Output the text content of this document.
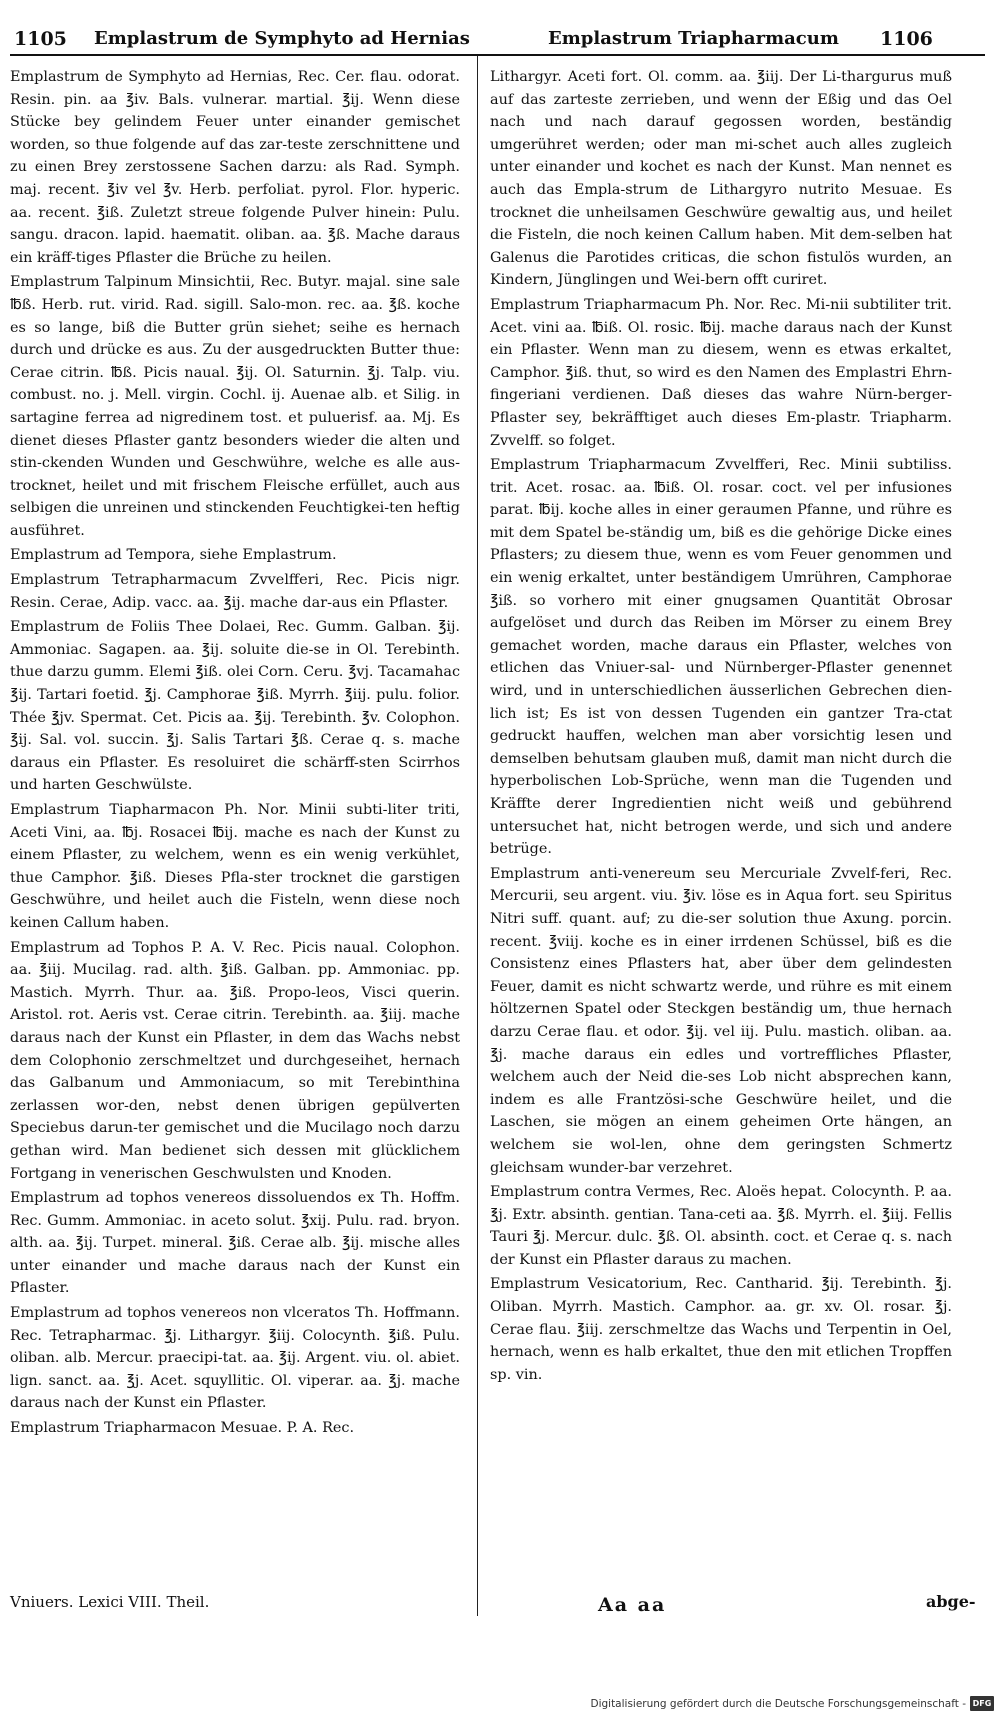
1105 Emplastrum de Symphyto ad Hernias	Emplastrum Triapharmacum 1106

Emplastrum de Symphyto ad Hernias, Rec. Cer. flau. odorat. Resin. pin. aa ℥iv. Bals. vulnerar. martial. ℥ij. Wenn diese Stücke bey gelindem Feuer unter einander gemischet worden, so thue folgende auf das zar-teste zerschnittene und zu einen Brey zerstossene Sachen darzu: als Rad. Symph. maj. recent. ℥iv vel ℥v. Herb. perfoliat. pyrol. Flor. hyperic. aa. recent. ℥iß. Zuletzt streue folgende Pulver hinein: Pulu. sangu. dracon. lapid. haematit. oliban. aa. ℥ß. Mache daraus ein kräff-tiges Pflaster die Brüche zu heilen.

Emplastrum Talpinum Minsichtii, Rec. Butyr. majal. sine sale ℔ß. Herb. rut. virid. Rad. sigill. Salo-mon. rec. aa. ℥ß. koche es so lange, biß die Butter grün siehet; seihe es hernach durch und drücke es aus. Zu der ausgedruckten Butter thue: Cerae citrin. ℔ß. Picis naual. ℥ij. Ol. Saturnin. ℥j. Talp. viu. combust. no. j. Mell. virgin. Cochl. ij. Auenae alb. et Silig. in sartagine ferrea ad nigredinem tost. et puluerisf. aa. Mj. Es dienet dieses Pflaster gantz besonders wieder die alten und stin-ckenden Wunden und Geschwühre, welche es alle aus-trocknet, heilet und mit frischem Fleische erfüllet, auch aus selbigen die unreinen und stinckenden Feuchtigkei-ten heftig ausführet.

Emplastrum ad Tempora, siehe Emplastrum.

Emplastrum Tetrapharmacum Zvvelfferi, Rec. Picis nigr. Resin. Cerae, Adip. vacc. aa. ℥ij. mache dar-aus ein Pflaster.

Emplastrum de Foliis Thee Dolaei, Rec. Gumm. Galban. ℥ij. Ammoniac. Sagapen. aa. ℥ij. soluite die-se in Ol. Terebinth. thue darzu gumm. Elemi ℥iß. olei Corn. Ceru. ℥vj. Tacamahac ℥ij. Tartari foetid. ℥j. Camphorae ℥iß. Myrrh. ℥iij. pulu. folior. Thée ℥jv. Spermat. Cet. Picis aa. ℥ij. Terebinth. ℥v. Colophon. ℥ij. Sal. vol. succin. ℥j. Salis Tartari ℥ß. Cerae q. s. mache daraus ein Pflaster. Es resoluiret die schärff-sten Scirrhos und harten Geschwülste.

Emplastrum Tiapharmacon Ph. Nor. Minii subti-liter triti, Aceti Vini, aa. ℔j. Rosacei ℔ij. mache es nach der Kunst zu einem Pflaster, zu welchem, wenn es ein wenig verkühlet, thue Camphor. ℥iß. Dieses Pfla-ster trocknet die garstigen Geschwühre, und heilet auch die Fisteln, wenn diese noch keinen Callum haben.

Emplastrum ad Tophos P. A. V. Rec. Picis naual. Colophon. aa. ℥iij. Mucilag. rad. alth. ℥iß. Galban. pp. Ammoniac. pp. Mastich. Myrrh. Thur. aa. ℥iß. Propo-leos, Visci querin. Aristol. rot. Aeris vst. Cerae citrin. Terebinth. aa. ℥iij. mache daraus nach der Kunst ein Pflaster, in dem das Wachs nebst dem Colophonio zerschmeltzet und durchgeseihet, hernach das Galbanum und Ammoniacum, so mit Terebinthina zerlassen wor-den, nebst denen übrigen gepülverten Speciebus darun-ter gemischet und die Mucilago noch darzu gethan wird. Man bedienet sich dessen mit glücklichem Fortgang in venerischen Geschwulsten und Knoden.

Emplastrum ad tophos venereos dissoluendos ex Th. Hoffm. Rec. Gumm. Ammoniac. in aceto solut. ℥xij. Pulu. rad. bryon. alth. aa. ℥ij. Turpet. mineral. ℥iß. Cerae alb. ℥ij. mische alles unter einander und mache daraus nach der Kunst ein Pflaster.

Emplastrum ad tophos venereos non vlceratos Th. Hoffmann. Rec. Tetrapharmac. ℥j. Lithargyr. ℥iij. Colocynth. ℥iß. Pulu. oliban. alb. Mercur. praecipi-tat. aa. ℥ij. Argent. viu. ol. abiet. lign. sanct. aa. ℥j. Acet. squyllitic. Ol. viperar. aa. ℥j. mache daraus nach der Kunst ein Pflaster.

Emplastrum Triapharmacon Mesuae. P. A. Rec.

Lithargyr. Aceti fort. Ol. comm. aa. ℥iij. Der Li-thargurus muß auf das zarteste zerrieben, und wenn der Eßig und das Oel nach und nach darauf gegossen worden, beständig umgerühret werden; oder man mi-schet auch alles zugleich unter einander und kochet es nach der Kunst. Man nennet es auch das Empla-strum de Lithargyro nutrito Mesuae. Es trocknet die unheilsamen Geschwüre gewaltig aus, und heilet die Fisteln, die noch keinen Callum haben. Mit dem-selben hat Galenus die Parotides criticas, die schon fistulös wurden, an Kindern, Jünglingen und Wei-bern offt curiret.

Emplastrum Triapharmacum Ph. Nor. Rec. Mi-nii subtiliter trit. Acet. vini aa. ℔iß. Ol. rosic. ℔ij. mache daraus nach der Kunst ein Pflaster. Wenn man zu diesem, wenn es etwas erkaltet, Camphor. ℥iß. thut, so wird es den Namen des Emplastri Ehrn-fingeriani verdienen. Daß dieses das wahre Nürn-berger-Pflaster sey, bekräfftiget auch dieses Em-plastr. Triapharm. Zvvelff. so folget.

Emplastrum Triapharmacum Zvvelfferi, Rec. Minii subtiliss. trit. Acet. rosac. aa. ℔iß. Ol. rosar. coct. vel per infusiones parat. ℔ij. koche alles in einer geraumen Pfanne, und rühre es mit dem Spatel be-ständig um, biß es die gehörige Dicke eines Pflasters; zu diesem thue, wenn es vom Feuer genommen und ein wenig erkaltet, unter beständigem Umrühren, Camphorae ℥iß. so vorhero mit einer gnugsamen Quantität Obrosar aufgelöset und durch das Reiben im Mörser zu einem Brey gemachet worden, mache daraus ein Pflaster, welches von etlichen das Vniuer-sal- und Nürnberger-Pflaster genennet wird, und in unterschiedlichen äusserlichen Gebrechen dien-lich ist; Es ist von dessen Tugenden ein gantzer Tra-ctat gedruckt hauffen, welchen man aber vorsichtig lesen und demselben behutsam glauben muß, damit man nicht durch die hyperbolischen Lob-Sprüche, wenn man die Tugenden und Kräffte derer Ingredientien nicht weiß und gebührend untersuchet hat, nicht betrogen werde, und sich und andere betrüge.

Emplastrum anti-venereum seu Mercuriale Zvvelf-feri, Rec. Mercurii, seu argent. viu. ℥iv. löse es in Aqua fort. seu Spiritus Nitri suff. quant. auf; zu die-ser solution thue Axung. porcin. recent. ℥viij. koche es in einer irrdenen Schüssel, biß es die Consistenz eines Pflasters hat, aber über dem gelindesten Feuer, damit es nicht schwartz werde, und rühre es mit einem höltzernen Spatel oder Steckgen beständig um, thue hernach darzu Cerae flau. et odor. ℥ij. vel iij. Pulu. mastich. oliban. aa. ℥j. mache daraus ein edles und vortreffliches Pflaster, welchem auch der Neid die-ses Lob nicht absprechen kann, indem es alle Frantzösi-sche Geschwüre heilet, und die Laschen, sie mögen an einem geheimen Orte hängen, an welchem sie wol-len, ohne dem geringsten Schmertz gleichsam wunder-bar verzehret.

Emplastrum contra Vermes, Rec. Aloës hepat. Colocynth. P. aa. ℥j. Extr. absinth. gentian. Tana-ceti aa. ℥ß. Myrrh. el. ℥iij. Fellis Tauri ℥j. Mercur. dulc. ℥ß. Ol. absinth. coct. et Cerae q. s. nach der Kunst ein Pflaster daraus zu machen.

Emplastrum Vesicatorium, Rec. Cantharid. ℥ij. Terebinth. ℥j. Oliban. Myrrh. Mastich. Camphor. aa. gr. xv. Ol. rosar. ℥j. Cerae flau. ℥iij. zerschmeltze das Wachs und Terpentin in Oel, hernach, wenn es halb erkaltet, thue den mit etlichen Tropffen sp. vin.

Vniuers. Lexici VIII. Theil.	Aa aa	abge-
Digitalisierung gefördert durch die Deutsche Forschungsgemeinschaft - DFG
